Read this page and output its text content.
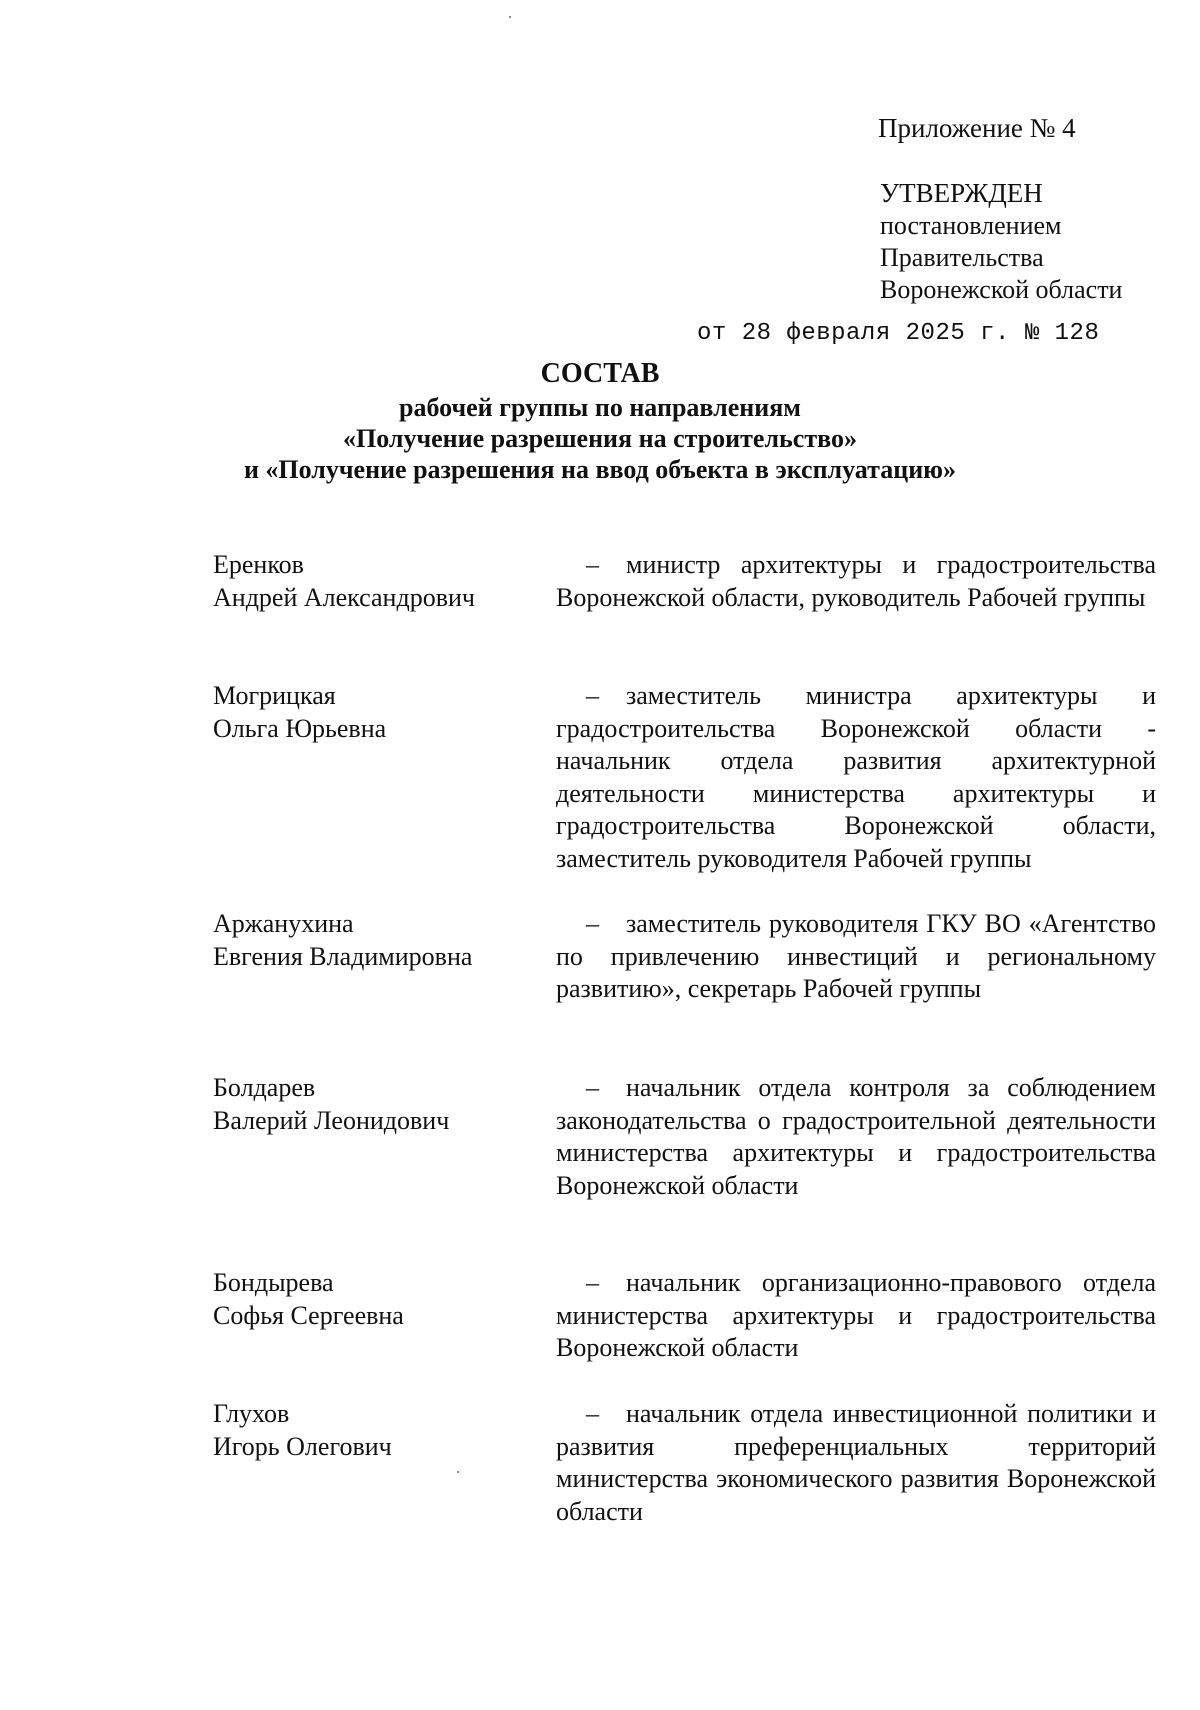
Приложение № 4
УТВЕРЖДЕН
постановлением
Правительства
Воронежской области
от 28 февраля 2025 г. № 128
СОСТАВ
рабочей группы по направлениям
«Получение разрешения на строительство»
и «Получение разрешения на ввод объекта в эксплуатацию»
Еренков
Андрей Александрович

– министр архитектуры и градостроительства Воронежской области, руководитель Рабочей группы

Могрицкая
Ольга Юрьевна

– заместитель министра архитектуры и градостроительства Воронежской области - начальник отдела развития архитектурной деятельности министерства архитектуры и градостроительства Воронежской области, заместитель руководителя Рабочей группы

Аржанухина
Евгения Владимировна

– заместитель руководителя ГКУ ВО «Агентство по привлечению инвестиций и региональному развитию», секретарь Рабочей группы

Болдарев
Валерий Леонидович

– начальник отдела контроля за соблюдением законодательства о градостроительной деятельности министерства архитектуры и градостроительства Воронежской области

Бондырева
Софья Сергеевна

– начальник организационно-правового отдела министерства архитектуры и градостроительства Воронежской области

Глухов
Игорь Олегович

– начальник отдела инвестиционной политики и развития преференциальных территорий министерства экономического развития Воронежской области
